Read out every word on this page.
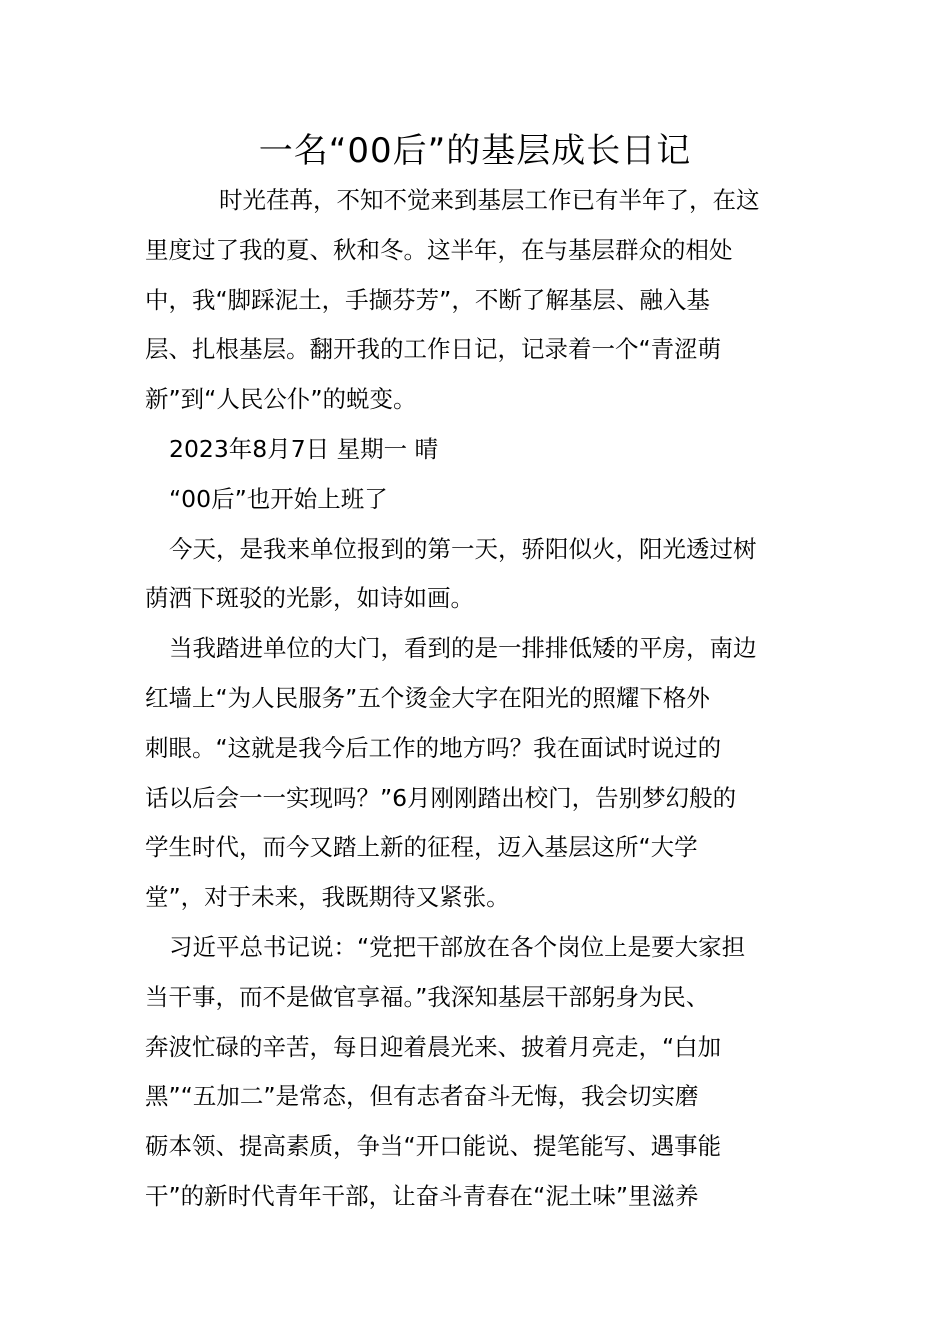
一名“00后”的基层成长日记
时光荏苒，不知不觉来到基层工作已有半年了，在这
里度过了我的夏、秋和冬。这半年，在与基层群众的相处
中，我“脚踩泥土，手撷芬芳”，不断了解基层、融入基
层、扎根基层。翻开我的工作日记，记录着一个“青涩萌
新”到“人民公仆”的蜕变。
2023年8月7日 星期一 晴
“00后”也开始上班了
今天，是我来单位报到的第一天，骄阳似火，阳光透过树
荫洒下斑驳的光影，如诗如画。
当我踏进单位的大门，看到的是一排排低矮的平房，南边
红墙上“为人民服务”五个烫金大字在阳光的照耀下格外
刺眼。“这就是我今后工作的地方吗？我在面试时说过的
话以后会一一实现吗？”6月刚刚踏出校门，告别梦幻般的
学生时代，而今又踏上新的征程，迈入基层这所“大学
堂”，对于未来，我既期待又紧张。
习近平总书记说：“党把干部放在各个岗位上是要大家担
当干事，而不是做官享福。”我深知基层干部躬身为民、
奔波忙碌的辛苦，每日迎着晨光来、披着月亮走，“白加
黑”“五加二”是常态，但有志者奋斗无悔，我会切实磨
砺本领、提高素质，争当“开口能说、提笔能写、遇事能
干”的新时代青年干部，让奋斗青春在“泥土味”里滋养
